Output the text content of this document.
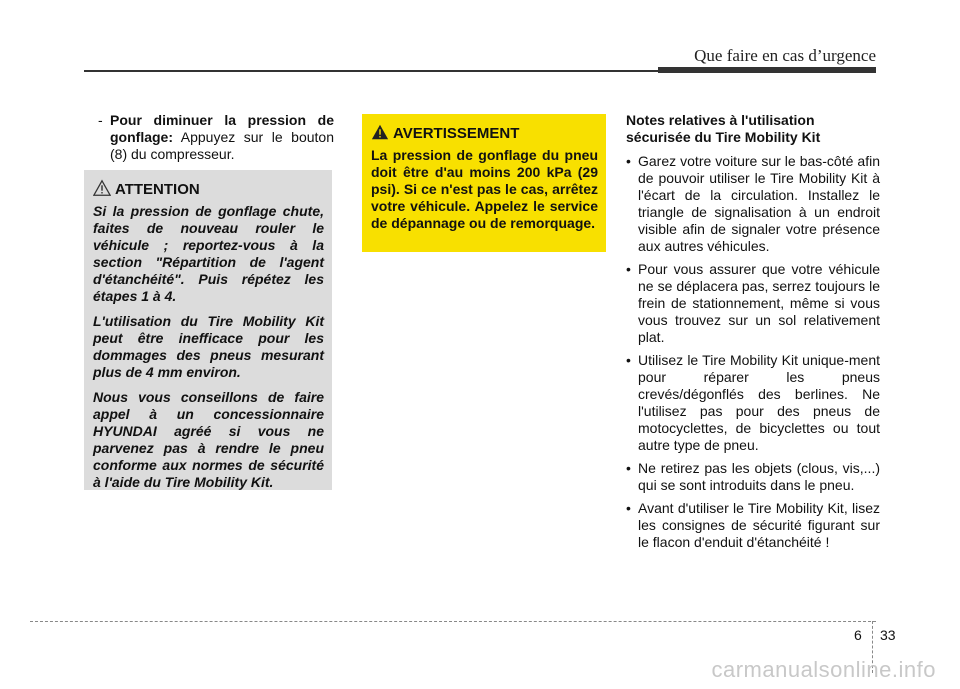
Que faire en cas d’urgence
- Pour diminuer la pression de gonflage: Appuyez sur le bouton (8) du compresseur.
ATTENTION

Si la pression de gonflage chute, faites de nouveau rouler le véhicule ; reportez-vous à la section "Répartition de l'agent d'étanchéité". Puis répétez les étapes 1 à 4.

L'utilisation du Tire Mobility Kit peut être inefficace pour les dommages des pneus mesurant plus de 4 mm environ.

Nous vous conseillons de faire appel à un concessionnaire HYUNDAI agréé si vous ne parvenez pas à rendre le pneu conforme aux normes de sécurité à l'aide du Tire Mobility Kit.

AVERTISSEMENT

La pression de gonflage du pneu doit être d'au moins 200 kPa (29 psi). Si ce n'est pas le cas, arrêtez votre véhicule. Appelez le service de dépannage ou de remorquage.

Notes relatives à l'utilisation sécurisée du Tire Mobility Kit
• Garez votre voiture sur le bas-côté afin de pouvoir utiliser le Tire Mobility Kit à l'écart de la circulation. Installez le triangle de signalisation à un endroit visible afin de signaler votre présence aux autres véhicules.
• Pour vous assurer que votre véhicule ne se déplacera pas, serrez toujours le frein de stationnement, même si vous vous trouvez sur un sol relativement plat.
• Utilisez le Tire Mobility Kit unique-ment pour réparer les pneus crevés/dégonflés des berlines. Ne l'utilisez pas pour des pneus de motocyclettes, de bicyclettes ou tout autre type de pneu.
• Ne retirez pas les objets (clous, vis,...) qui se sont introduits dans le pneu.
• Avant d'utiliser le Tire Mobility Kit, lisez les consignes de sécurité figurant sur le flacon d'enduit d'étanchéité !
6 33
carmanualsonline.info
